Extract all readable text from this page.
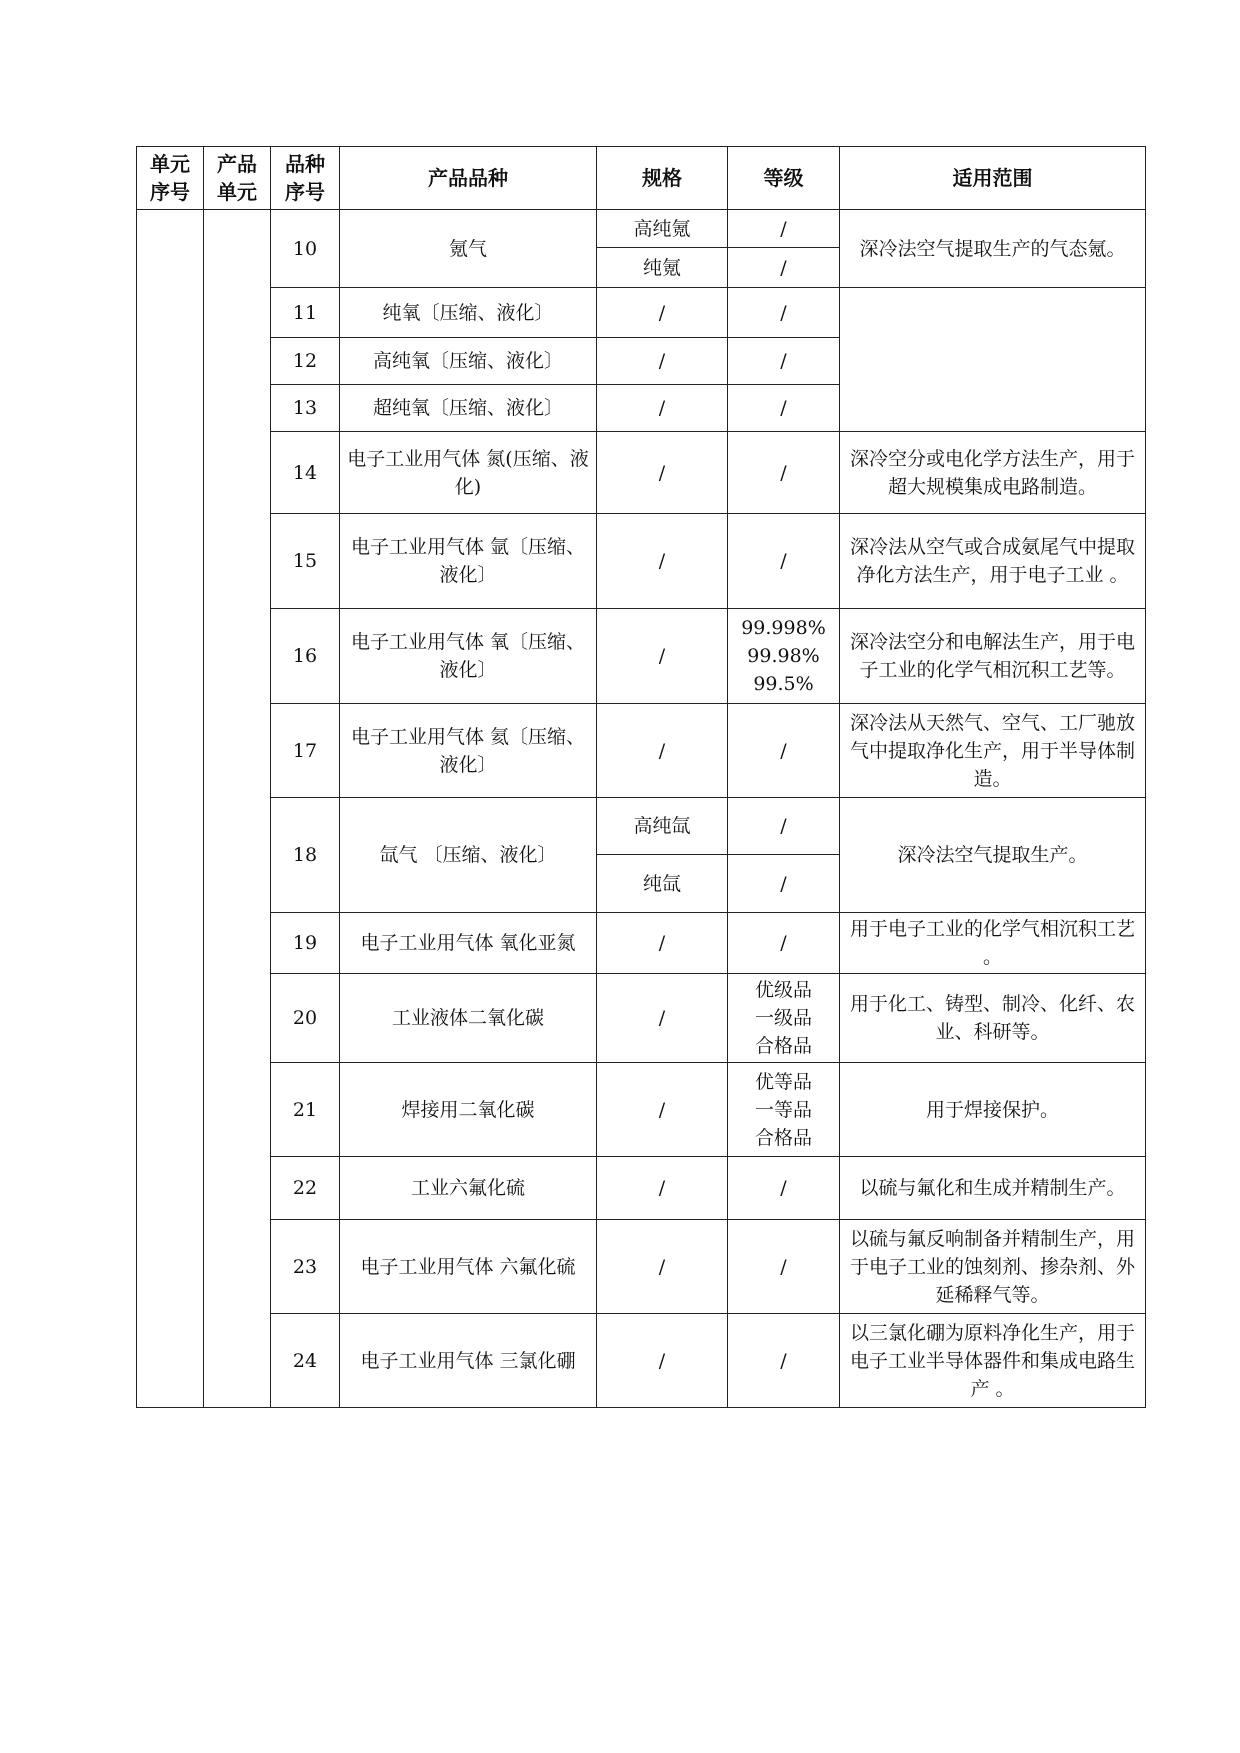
单元序号	产品单元	品种序号	产品品种	规格	等级	适用范围
		10	氪气	高纯氪	/	深冷法空气提取生产的气态氪。
				纯氪	/	
		11	纯氧〔压缩、液化〕	/	/	
		12	高纯氧〔压缩、液化〕	/	/	
		13	超纯氧〔压缩、液化〕	/	/	
		14	电子工业用气体 氮(压缩、液化)	/	/	深冷空分或电化学方法生产，用于超大规模集成电路制造。
		15	电子工业用气体 氩〔压缩、液化〕	/	/	深冷法从空气或合成氨尾气中提取净化方法生产，用于电子工业 。
		16	电子工业用气体 氧〔压缩、液化〕	/	99.998%
99.98%
99.5%	深冷法空分和电解法生产，用于电子工业的化学气相沉积工艺等。
		17	电子工业用气体 氦〔压缩、液化〕	/	/	深冷法从天然气、空气、工厂驰放气中提取净化生产，用于半导体制造。
		18	氙气 〔压缩、液化〕	高纯氙	/	深冷法空气提取生产。
				纯氙	/	
		19	电子工业用气体 氧化亚氮	/	/	用于电子工业的化学气相沉积工艺 。
		20	工业液体二氧化碳	/	优级品
一级品
合格品	用于化工、铸型、制冷、化纤、农业、科研等。
		21	焊接用二氧化碳	/	优等品
一等品
合格品	用于焊接保护。
		22	工业六氟化硫	/	/	以硫与氟化和生成并精制生产。
		23	电子工业用气体 六氟化硫	/	/	以硫与氟反响制备并精制生产，用于电子工业的蚀刻剂、掺杂剂、外延稀释气等。
		24	电子工业用气体 三氯化硼	/	/	以三氯化硼为原料净化生产，用于电子工业半导体器件和集成电路生产 。
